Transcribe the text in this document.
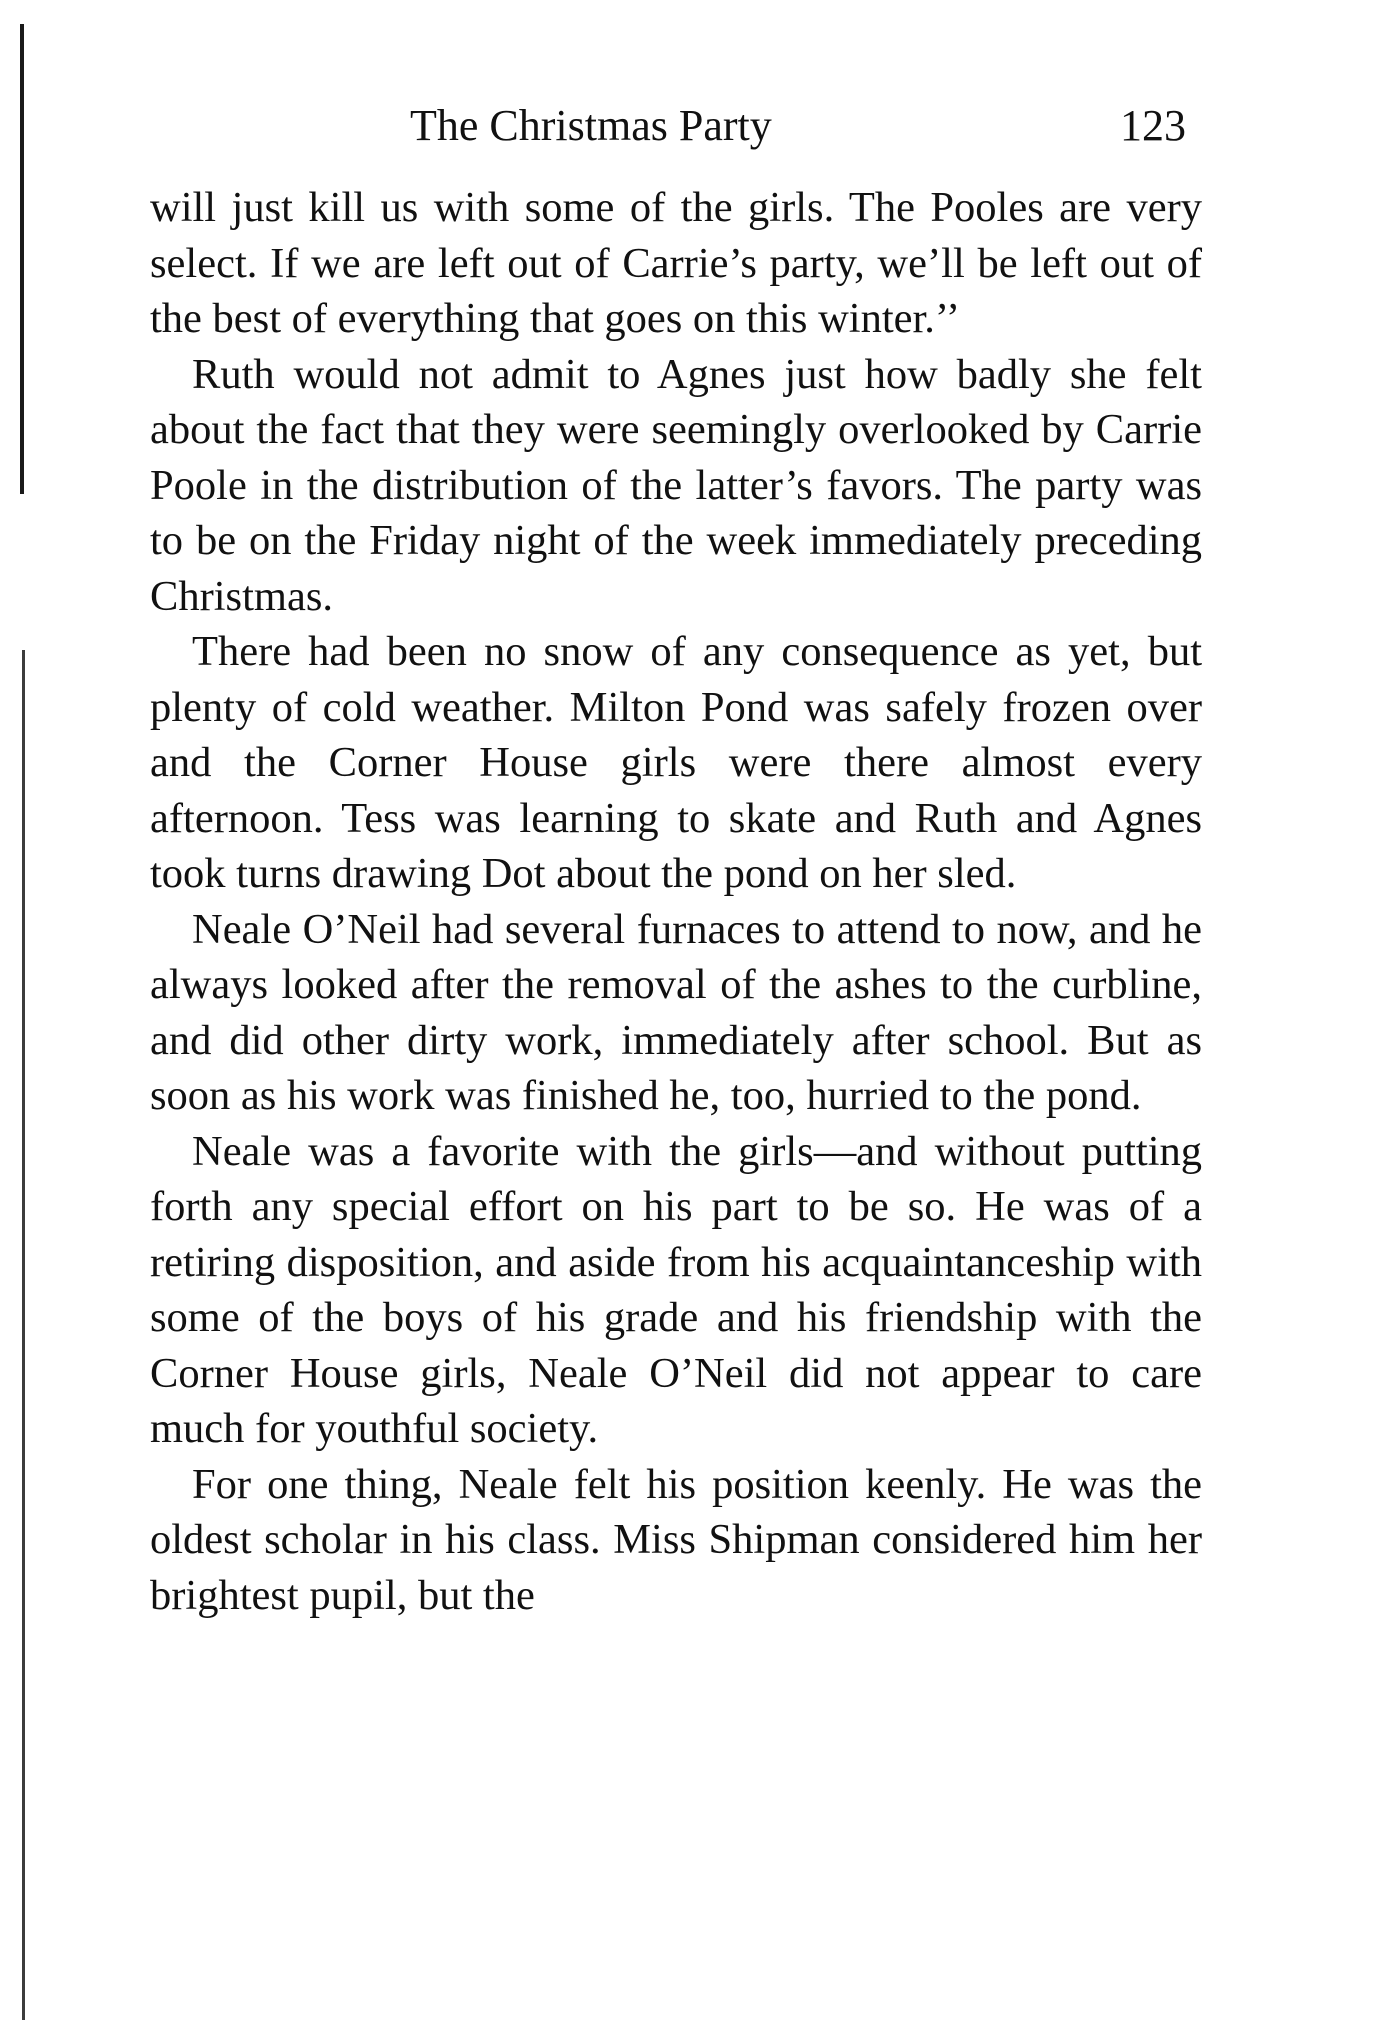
The Christmas Party	123

will just kill us with some of the girls. The Pooles are very select. If we are left out of Carrie’s party, we’ll be left out of the best of everything that goes on this winter.’’

Ruth would not admit to Agnes just how badly she felt about the fact that they were seemingly overlooked by Carrie Poole in the distribution of the latter’s favors. The party was to be on the Friday night of the week immediately preceding Christmas.

There had been no snow of any consequence as yet, but plenty of cold weather. Milton Pond was safely frozen over and the Corner House girls were there almost every afternoon. Tess was learning to skate and Ruth and Agnes took turns drawing Dot about the pond on her sled.

Neale O’Neil had several furnaces to attend to now, and he always looked after the removal of the ashes to the curbline, and did other dirty work, immediately after school. But as soon as his work was finished he, too, hurried to the pond.

Neale was a favorite with the girls—and without putting forth any special effort on his part to be so. He was of a retiring disposition, and aside from his acquaintanceship with some of the boys of his grade and his friendship with the Corner House girls, Neale O’Neil did not appear to care much for youthful society.

For one thing, Neale felt his position keenly. He was the oldest scholar in his class. Miss Shipman considered him her brightest pupil, but the
